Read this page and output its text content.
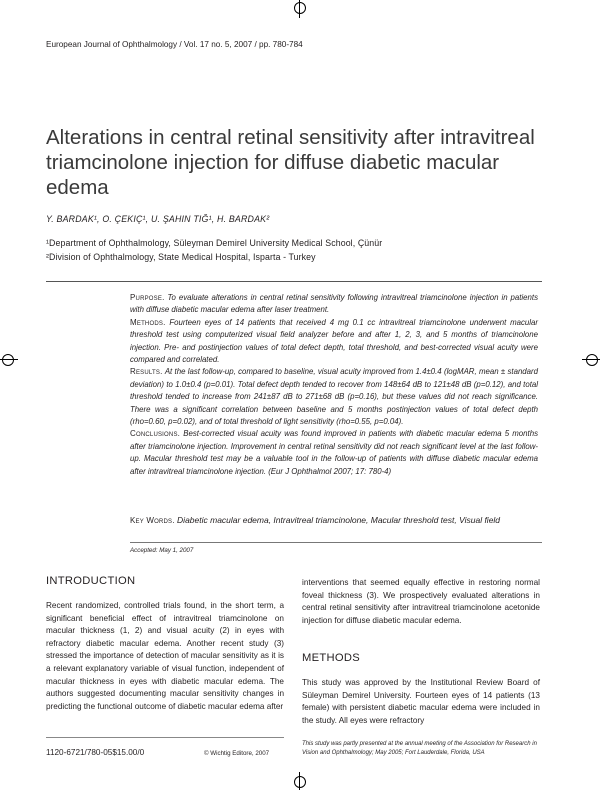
European Journal of Ophthalmology / Vol. 17 no. 5, 2007 / pp. 780-784
Alterations in central retinal sensitivity after intravitreal triamcinolone injection for diffuse diabetic macular edema
Y. BARDAK¹, O. ÇEKIÇ¹, U. ŞAHIN TIĞ¹, H. BARDAK²
¹Department of Ophthalmology, Süleyman Demirel University Medical School, Çünür
²Division of Ophthalmology, State Medical Hospital, Isparta - Turkey

Purpose. To evaluate alterations in central retinal sensitivity following intravitreal triamcinolone injection in patients with diffuse diabetic macular edema after laser treatment.

Methods. Fourteen eyes of 14 patients that received 4 mg 0.1 cc intravitreal triamcinolone underwent macular threshold test using computerized visual field analyzer before and after 1, 2, 3, and 5 months of triamcinolone injection. Pre- and postinjection values of total defect depth, total threshold, and best-corrected visual acuity were compared and correlated.

Results. At the last follow-up, compared to baseline, visual acuity improved from 1.4±0.4 (logMAR, mean ± standard deviation) to 1.0±0.4 (p=0.01). Total defect depth tended to recover from 148±64 dB to 121±48 dB (p=0.12), and total threshold tended to increase from 241±87 dB to 271±68 dB (p=0.16), but these values did not reach significance. There was a significant correlation between baseline and 5 months postinjection values of total defect depth (rho=0.60, p=0.02), and of total threshold of light sensitivity (rho=0.55, p=0.04).

Conclusions. Best-corrected visual acuity was found improved in patients with diabetic macular edema 5 months after triamcinolone injection. Improvement in central retinal sensitivity did not reach significant level at the last follow-up. Macular threshold test may be a valuable tool in the follow-up of patients with diffuse diabetic macular edema after intravitreal triamcinolone injection. (Eur J Ophthalmol 2007; 17: 780-4)

Key Words. Diabetic macular edema, Intravitreal triamcinolone, Macular threshold test, Visual field
Accepted: May 1, 2007
INTRODUCTION

Recent randomized, controlled trials found, in the short term, a significant beneficial effect of intravitreal triamcinolone on macular thickness (1, 2) and visual acuity (2) in eyes with refractory diabetic macular edema. Another recent study (3) stressed the importance of detection of macular sensitivity as it is a relevant explanatory variable of visual function, independent of macular thickness in eyes with diabetic macular edema. The authors suggested documenting macular sensitivity changes in predicting the functional outcome of diabetic macular edema after

interventions that seemed equally effective in restoring normal foveal thickness (3). We prospectively evaluated alterations in central retinal sensitivity after intravitreal triamcinolone acetonide injection for diffuse diabetic macular edema.

METHODS

This study was approved by the Institutional Review Board of Süleyman Demirel University. Fourteen eyes of 14 patients (13 female) with persistent diabetic macular edema were included in the study. All eyes were refractory

1120-6721/780-05$15.00/0	© Wichtig Editore, 2007
This study was partly presented at the annual meeting of the Association for Research in Vision and Ophthalmology; May 2005; Fort Lauderdale, Florida, USA
